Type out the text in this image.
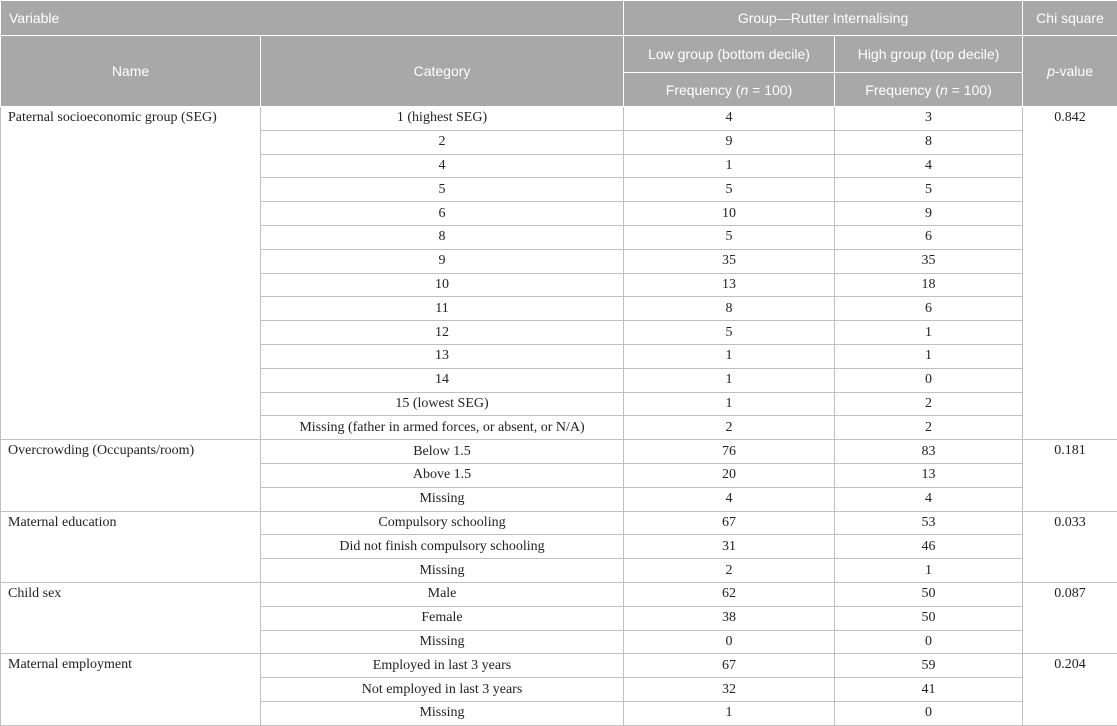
Variable		Group—Rutter Internalising		Chi square
Name	Category	Low group (bottom decile)	High group (top decile)	p-value
		Frequency (n = 100)	Frequency (n = 100)	
Paternal socioeconomic group (SEG)	1 (highest SEG)	4	3	0.842
	2	9	8	
	4	1	4	
	5	5	5	
	6	10	9	
	8	5	6	
	9	35	35	
	10	13	18	
	11	8	6	
	12	5	1	
	13	1	1	
	14	1	0	
	15 (lowest SEG)	1	2	
	Missing (father in armed forces, or absent, or N/A)	2	2	
Overcrowding (Occupants/room)	Below 1.5	76	83	0.181
	Above 1.5	20	13	
	Missing	4	4	
Maternal education	Compulsory schooling	67	53	0.033
	Did not finish compulsory schooling	31	46	
	Missing	2	1	
Child sex	Male	62	50	0.087
	Female	38	50	
	Missing	0	0	
Maternal employment	Employed in last 3 years	67	59	0.204
	Not employed in last 3 years	32	41	
	Missing	1	0	
